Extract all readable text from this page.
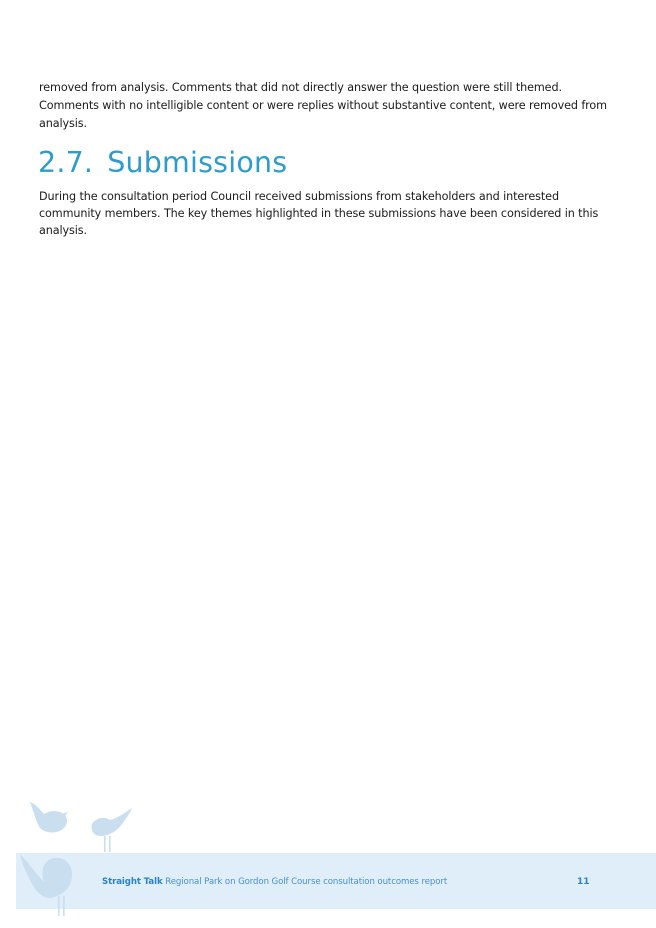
removed from analysis. Comments that did not directly answer the question were still themed. Comments with no intelligible content or were replies without substantive content, were removed from analysis.

2.7. Submissions

During the consultation period Council received submissions from stakeholders and interested community members. The key themes highlighted in these submissions have been considered in this analysis.

Straight Talk Regional Park on Gordon Golf Course consultation outcomes report	11
